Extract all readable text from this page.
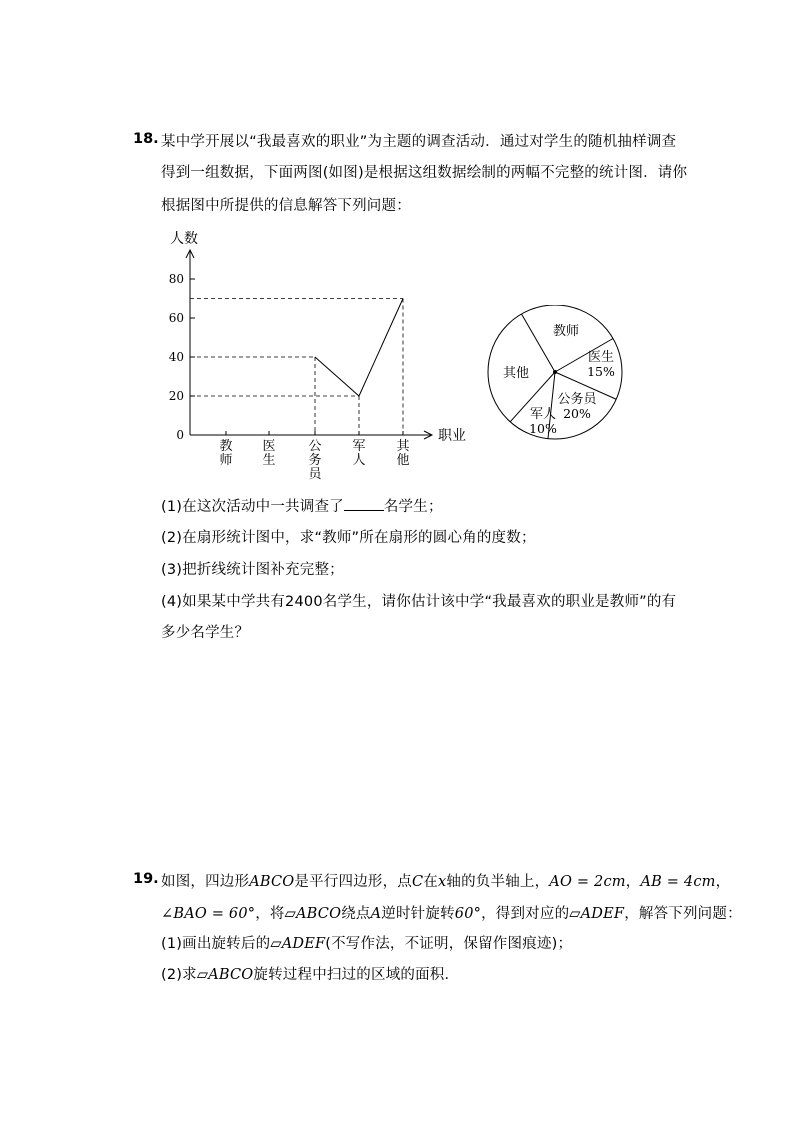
18. 某中学开展以“我最喜欢的职业”为主题的调查活动．通过对学生的随机抽样调查
得到一组数据，下面两图(如图)是根据这组数据绘制的两幅不完整的统计图．请你
根据图中所提供的信息解答下列问题：
人数
职业
0
20
40
60
80
教
师
医
生
公
务
员
军
人
其
他
教师
医生
15%
公务员
20%
军人
10%
其他
(1)在这次活动中一共调查了	名学生；
(2)在扇形统计图中，求“教师”所在扇形的圆心角的度数；
(3)把折线统计图补充完整；
(4)如果某中学共有2400名学生，请你估计该中学“我最喜欢的职业是教师”的有
多少名学生？
19. 如图，四边形ABCO是平行四边形，点C在x轴的负半轴上，AO = 2cm，AB = 4cm，
∠BAO = 60°，将▱ABCO绕点A逆时针旋转60°，得到对应的▱ADEF，解答下列问题：
(1)画出旋转后的▱ADEF(不写作法，不证明，保留作图痕迹)；
(2)求▱ABCO旋转过程中扫过的区域的面积．
